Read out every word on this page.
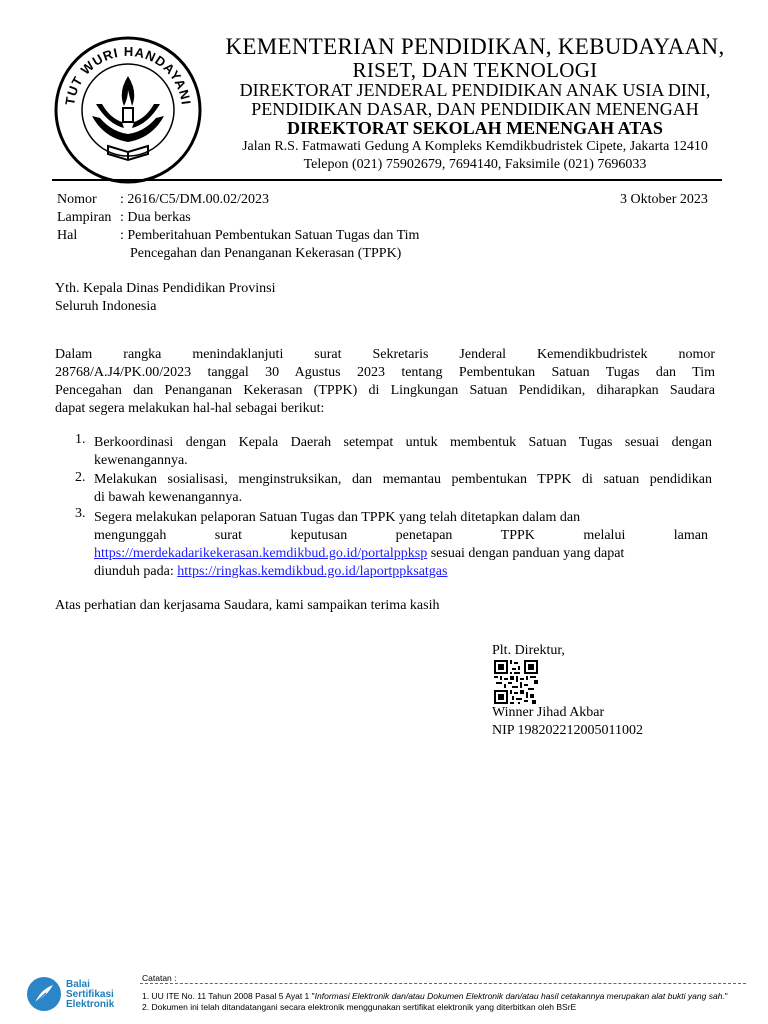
TUT WURI HANDAYANI
KEMENTERIAN PENDIDIKAN, KEBUDAYAAN,
RISET, DAN TEKNOLOGI
DIREKTORAT JENDERAL PENDIDIKAN ANAK USIA DINI,
PENDIDIKAN DASAR, DAN PENDIDIKAN MENENGAH
DIREKTORAT SEKOLAH MENENGAH ATAS
Jalan R.S. Fatmawati Gedung A Kompleks Kemdikbudristek Cipete, Jakarta 12410
Telepon (021) 75902679, 7694140, Faksimile (021) 7696033
Nomor : 2616/C5/DM.00.02/2023	3 Oktober 2023
Lampiran : Dua berkas
Hal	: Pemberitahuan Pembentukan Satuan Tugas dan Tim
Pencegahan dan Penanganan Kekerasan (TPPK)
Yth. Kepala Dinas Pendidikan Provinsi
Seluruh Indonesia
Dalam rangka menindaklanjuti surat Sekretaris Jenderal Kemendikbudristek nomor
28768/A.J4/PK.00/2023 tanggal 30 Agustus 2023 tentang Pembentukan Satuan Tugas dan Tim
Pencegahan dan Penanganan Kekerasan (TPPK) di Lingkungan Satuan Pendidikan, diharapkan Saudara
dapat segera melakukan hal-hal sebagai berikut:
1. Berkoordinasi dengan Kepala Daerah setempat untuk membentuk Satuan Tugas sesuai dengan
kewenangannya.
2. Melakukan sosialisasi, menginstruksikan, dan memantau pembentukan TPPK di satuan pendidikan
di bawah kewenangannya.
3. Segera melakukan pelaporan Satuan Tugas dan TPPK yang telah ditetapkan dalam dan
mengunggah surat keputusan penetapan TPPK melalui laman
https://merdekadarikekerasan.kemdikbud.go.id/portalppksp sesuai dengan panduan yang dapat
diunduh pada: https://ringkas.kemdikbud.go.id/laportppksatgas
Atas perhatian dan kerjasama Saudara, kami sampaikan terima kasih
Plt. Direktur,
Winner Jihad Akbar
NIP 198202212005011002
Balai
Sertifikasi
Elektronik
Catatan :
1. UU ITE No. 11 Tahun 2008 Pasal 5 Ayat 1 "Informasi Elektronik dan/atau Dokumen Elektronik dan/atau hasil cetakannya merupakan alat bukti yang sah."
2. Dokumen ini telah ditandatangani secara elektronik menggunakan sertifikat elektronik yang diterbitkan oleh BSrE
